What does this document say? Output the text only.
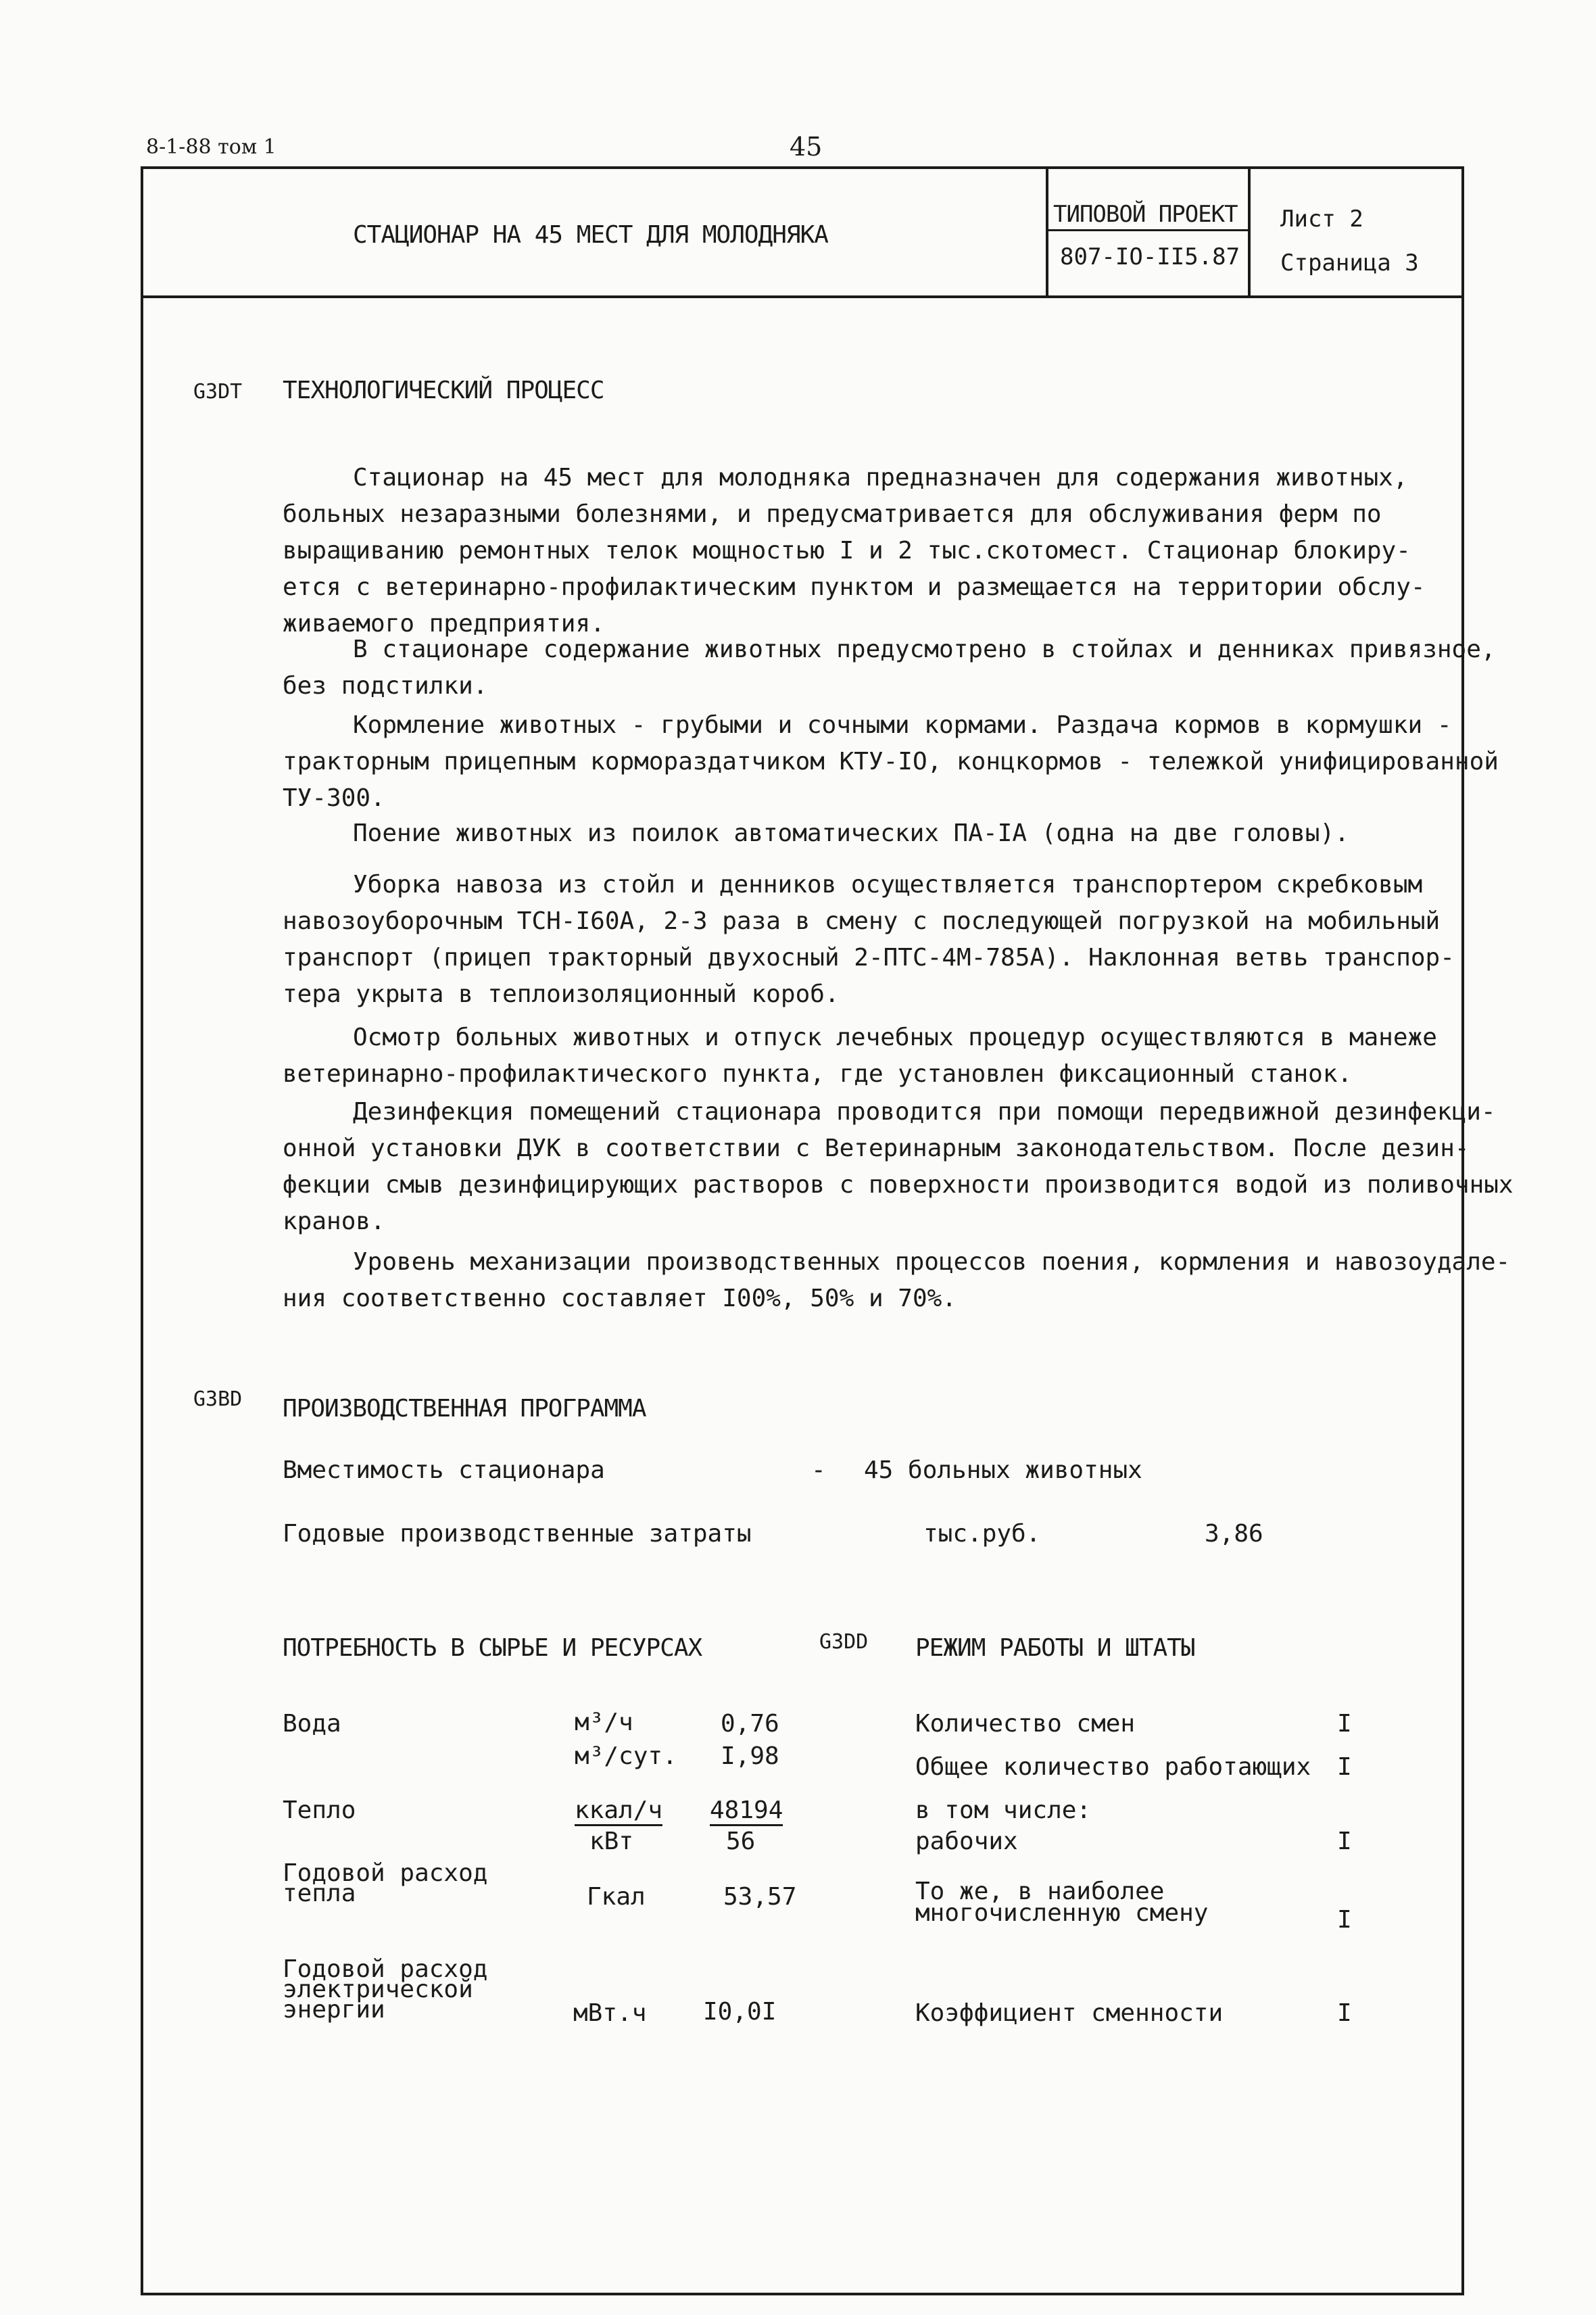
8-1-88 том 1	45
СТАЦИОНАР НА 45 МЕСТ ДЛЯ МОЛОДНЯКА
ТИПОВОЙ ПРОЕКТ
807-IO-II5.87
Лист 2
Страница 3
G3DT ТЕХНОЛОГИЧЕСКИЙ ПРОЦЕСС
Стационар на 45 мест для молодняка предназначен для содержания животных,
больных незаразными болезнями, и предусматривается для обслуживания ферм по
выращиванию ремонтных телок мощностью I и 2 тыс.скотомест. Стационар блокиру-
ется с ветеринарно-профилактическим пунктом и размещается на территории обслу-
живаемого предприятия.
В стационаре содержание животных предусмотрено в стойлах и денниках привязное,
без подстилки.
Кормление животных - грубыми и сочными кормами. Раздача кормов в кормушки -
тракторным прицепным кормораздатчиком КТУ-IO, концкормов - тележкой унифицированной
ТУ-300.
Поение животных из поилок автоматических ПА-IA (одна на две головы).
Уборка навоза из стойл и денников осуществляется транспортером скребковым
навозоуборочным ТСН-I60А, 2-3 раза в смену с последующей погрузкой на мобильный
транспорт (прицеп тракторный двухосный 2-ПТС-4М-785А). Наклонная ветвь транспор-
тера укрыта в теплоизоляционный короб.
Осмотр больных животных и отпуск лечебных процедур осуществляются в манеже
ветеринарно-профилактического пункта, где установлен фиксационный станок.
Дезинфекция помещений стационара проводится при помощи передвижной дезинфекци-
онной установки ДУК в соответствии с Ветеринарным законодательством. После дезин-
фекции смыв дезинфицирующих растворов с поверхности производится водой из поливочных
кранов.
Уровень механизации производственных процессов поения, кормления и навозоудале-
ния соответственно составляет I00%, 50% и 70%.
G3BD ПРОИЗВОДСТВЕННАЯ ПРОГРАММА
Вместимость стационара	- 45 больных животных
Годовые производственные затраты	тыс.руб.	3,86
ПОТРЕБНОСТЬ В СЫРЬЕ И РЕСУРСАХ
Вода	м³/ч	0,76
м³/сут. I,98
Тепло	ккал/ч 48194
кВт	56
Годовой расход
тепла	Гкал	53,57
Годовой расход
электрической
энергии	мВт.ч I0,0I
G3DD РЕЖИМ РАБОТЫ И ШТАТЫ
Количество смен	I
Общее количество работающих I
в том числе:
рабочих	I
То же, в наиболее
многочисленную смену	I
Коэффициент сменности	I
